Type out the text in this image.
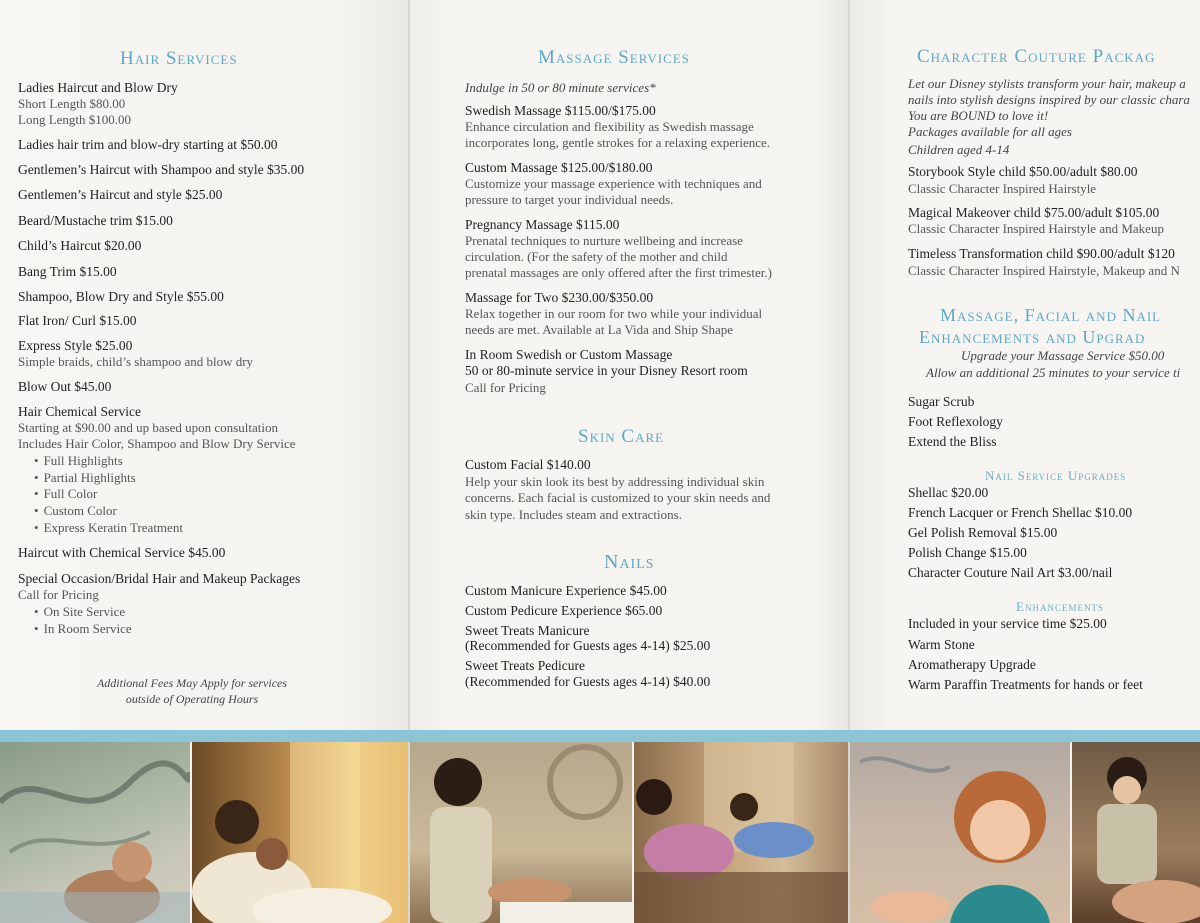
Hair Services
Ladies Haircut and Blow Dry
Short Length $80.00
Long Length $100.00
Ladies hair trim and blow-dry starting at $50.00
Gentlemen’s Haircut with Shampoo and style $35.00
Gentlemen’s Haircut and style $25.00
Beard/Mustache trim $15.00
Child’s Haircut $20.00
Bang Trim $15.00
Shampoo, Blow Dry and Style $55.00
Flat Iron/ Curl $15.00
Express Style $25.00
Simple braids, child’s shampoo and blow dry
Blow Out $45.00
Hair Chemical Service
Starting at $90.00 and up based upon consultation
Includes Hair Color, Shampoo and Blow Dry Service
• Full Highlights
• Partial Highlights
• Full Color
• Custom Color
• Express Keratin Treatment
Haircut with Chemical Service $45.00
Special Occasion/Bridal Hair and Makeup Packages
Call for Pricing
• On Site Service
• In Room Service
Additional Fees May Apply for services
outside of Operating Hours
Massage Services
Indulge in 50 or 80 minute services*
Swedish Massage $115.00/$175.00
Enhance circulation and flexibility as Swedish massage
incorporates long, gentle strokes for a relaxing experience.
Custom Massage $125.00/$180.00
Customize your massage experience with techniques and
pressure to target your individual needs.
Pregnancy Massage $115.00
Prenatal techniques to nurture wellbeing and increase
circulation. (For the safety of the mother and child
prenatal massages are only offered after the first trimester.)
Massage for Two $230.00/$350.00
Relax together in our room for two while your individual
needs are met. Available at La Vida and Ship Shape
In Room Swedish or Custom Massage
50 or 80-minute service in your Disney Resort room
Call for Pricing
Skin Care
Custom Facial $140.00
Help your skin look its best by addressing individual skin
concerns. Each facial is customized to your skin needs and
skin type. Includes steam and extractions.
Nails
Custom Manicure Experience $45.00
Custom Pedicure Experience $65.00
Sweet Treats Manicure
(Recommended for Guests ages 4-14) $25.00
Sweet Treats Pedicure
(Recommended for Guests ages 4-14) $40.00
Character Couture Packag
Let our Disney stylists transform your hair, makeup a
nails into stylish designs inspired by our classic chara
You are BOUND to love it!
Packages available for all ages
Children aged 4-14
Storybook Style child $50.00/adult $80.00
Classic Character Inspired Hairstyle
Magical Makeover child $75.00/adult $105.00
Classic Character Inspired Hairstyle and Makeup
Timeless Transformation child $90.00/adult $120
Classic Character Inspired Hairstyle, Makeup and N
Massage, Facial and Nail
Enhancements and Upgrad
Upgrade your Massage Service $50.00
Allow an additional 25 minutes to your service ti
Sugar Scrub
Foot Reflexology
Extend the Bliss
Nail Service Upgrades
Shellac $20.00
French Lacquer or French Shellac $10.00
Gel Polish Removal $15.00
Polish Change $15.00
Character Couture Nail Art $3.00/nail
Enhancements
Included in your service time $25.00
Warm Stone
Aromatherapy Upgrade
Warm Paraffin Treatments for hands or feet
